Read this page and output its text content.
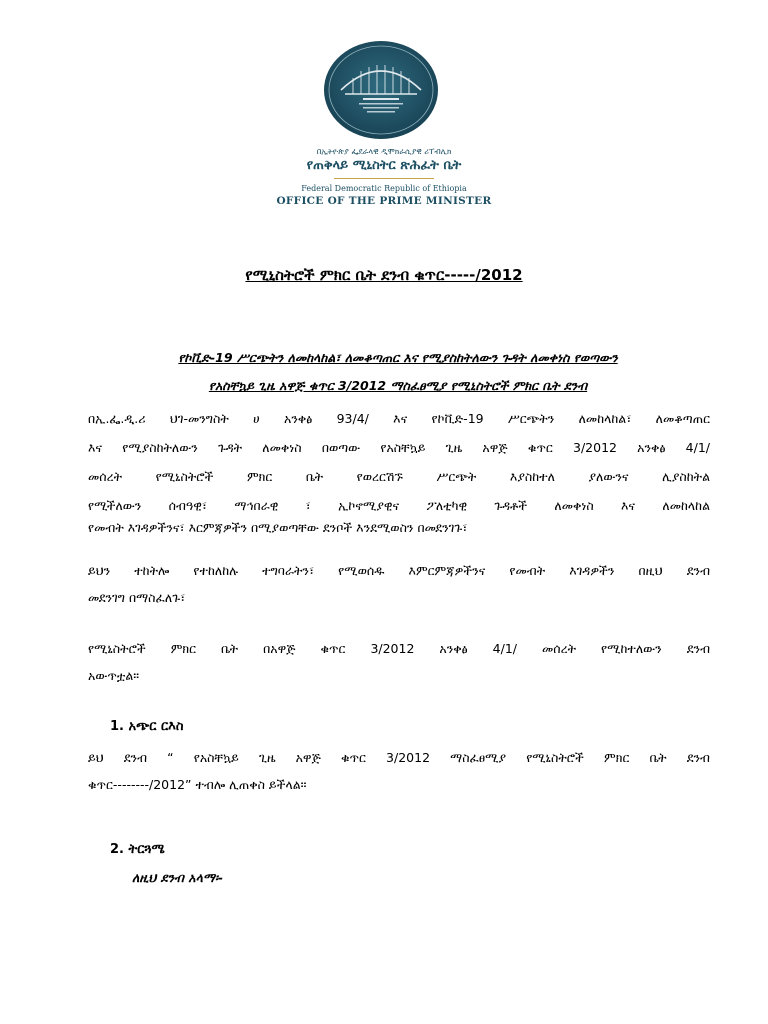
በኢትዮጵያ ፌደራላዊ ዲሞክራሲያዊ ሪፐብሊክ
የጠቅላይ ሚኒስትር ጽሕፈት ቤት
Federal Democratic Republic of Ethiopia
OFFICE OF THE PRIME MINISTER
የሚኒስትሮች ምክር ቤት ደንብ ቁጥር-----/2012
የኮቪድ-19 ሥርጭትን ለመከላከል፣ ለመቆጣጠር እና የሚያስከትለውን ጉዳት ለመቀነስ የወጣውን
የአስቸኳይ ጊዜ አዋጅ ቁጥር 3/2012 ማስፈፀሚያ የሚኒስትሮች ምክር ቤት ደንብ
በኢ.ፌ.ዲ.ሪ ህገ-መንግስት ሀ አንቀፅ 93/4/ እና የኮቪድ-19 ሥርጭትን ለመከላከል፣ ለመቆጣጠር
እና የሚያስከትለውን ጉዳት ለመቀነስ በወጣው የአስቸኳይ ጊዜ አዋጅ ቁጥር 3/2012 አንቀፅ 4/1/
መሰረት የሚኒስትሮች ምክር ቤት የወረርሽኙ ሥርጭት እያስከተለ ያለውንና ሊያስከትል
የሚችለውን ሰብዓዊ፣ ማኅበራዊ ፣ ኢኮኖሚያዊና ፖለቲካዊ ጉዳቶች ለመቀነስ እና ለመከላከል
የመብት እገዳዎችንና፣ እርምጃዎችን በሚያወጣቸው ደንቦች እንደሚወስን በመደንገጉ፣
ይህን ተከትሎ የተከለከሉ ተግባራትን፣ የሚወሰዱ እምርምጃዎችንና የመብት እገዳዎችን በዚህ ደንብ
መደንገግ በማስፈለጉ፣
የሚኒስትሮች ምክር ቤት በአዋጅ ቁጥር 3/2012 አንቀፅ 4/1/ መሰረት የሚከተለውን ደንብ
አውጥቷል።
1. አጭር ርእስ
ይህ ደንብ “ የአስቸኳይ ጊዜ አዋጅ ቁጥር 3/2012 ማስፈፀሚያ የሚኒስትሮች ምክር ቤት ደንብ
ቁጥር--------/2012” ተብሎ ሊጠቀስ ይችላል።
2. ትርጓሜ
ለዚህ ደንብ አላማ፡-
